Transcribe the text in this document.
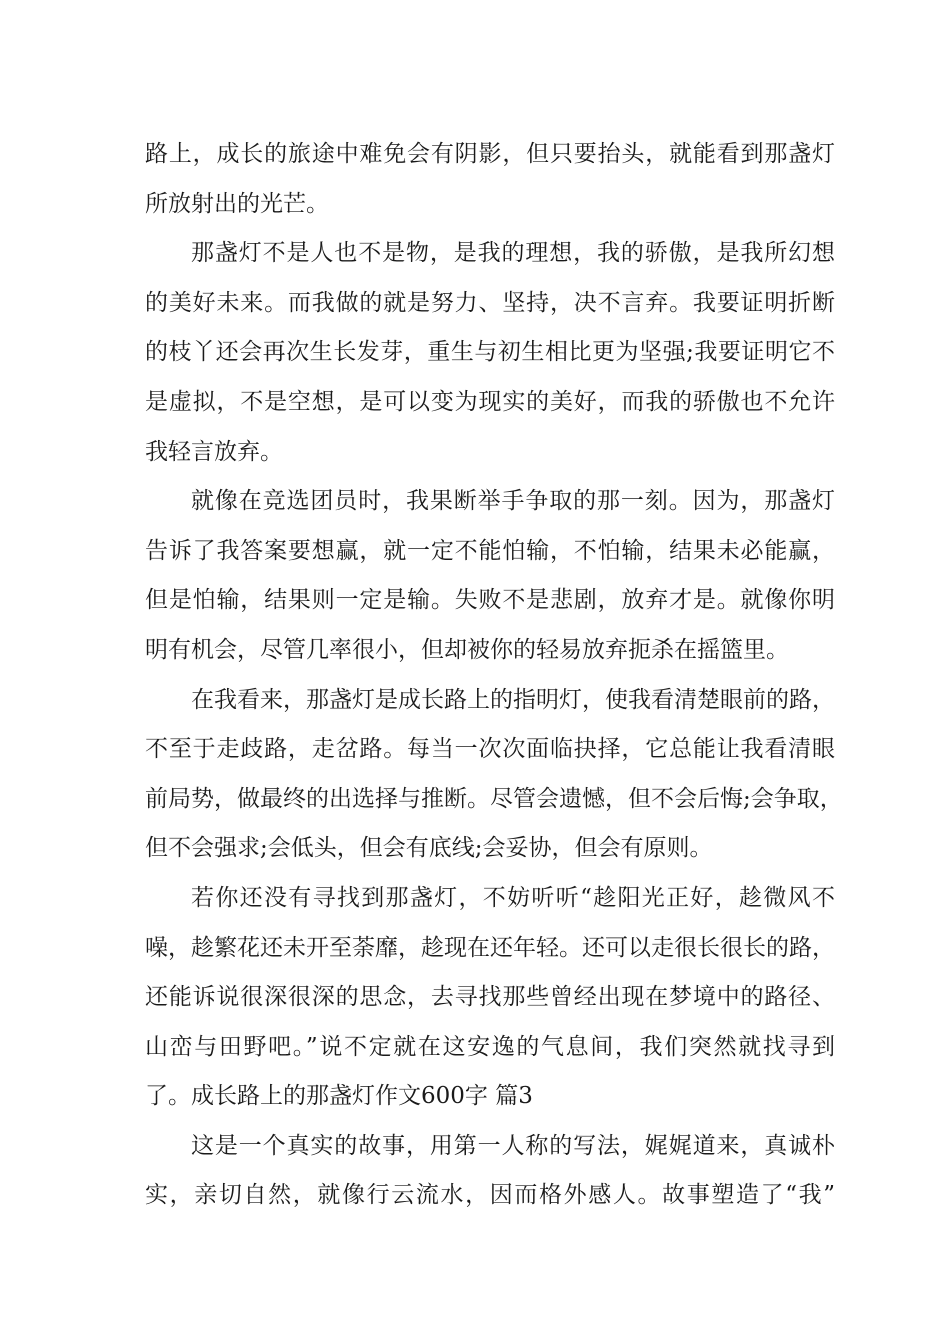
路上，成长的旅途中难免会有阴影，但只要抬头，就能看到那盏灯
所放射出的光芒。
那盏灯不是人也不是物，是我的理想，我的骄傲，是我所幻想
的美好未来。而我做的就是努力、坚持，决不言弃。我要证明折断
的枝丫还会再次生长发芽，重生与初生相比更为坚强;我要证明它不
是虚拟，不是空想，是可以变为现实的美好，而我的骄傲也不允许
我轻言放弃。
就像在竞选团员时，我果断举手争取的那一刻。因为，那盏灯
告诉了我答案要想赢，就一定不能怕输，不怕输，结果未必能赢，
但是怕输，结果则一定是输。失败不是悲剧，放弃才是。就像你明
明有机会，尽管几率很小，但却被你的轻易放弃扼杀在摇篮里。
在我看来，那盏灯是成长路上的指明灯，使我看清楚眼前的路，
不至于走歧路，走岔路。每当一次次面临抉择，它总能让我看清眼
前局势，做最终的出选择与推断。尽管会遗憾，但不会后悔;会争取，
但不会强求;会低头，但会有底线;会妥协，但会有原则。
若你还没有寻找到那盏灯，不妨听听“趁阳光正好，趁微风不
噪，趁繁花还未开至荼靡，趁现在还年轻。还可以走很长很长的路，
还能诉说很深很深的思念，去寻找那些曾经出现在梦境中的路径、
山峦与田野吧。”说不定就在这安逸的气息间，我们突然就找寻到
了。成长路上的那盏灯作文600字 篇3
这是一个真实的故事，用第一人称的写法，娓娓道来，真诚朴
实，亲切自然，就像行云流水，因而格外感人。故事塑造了“我”
